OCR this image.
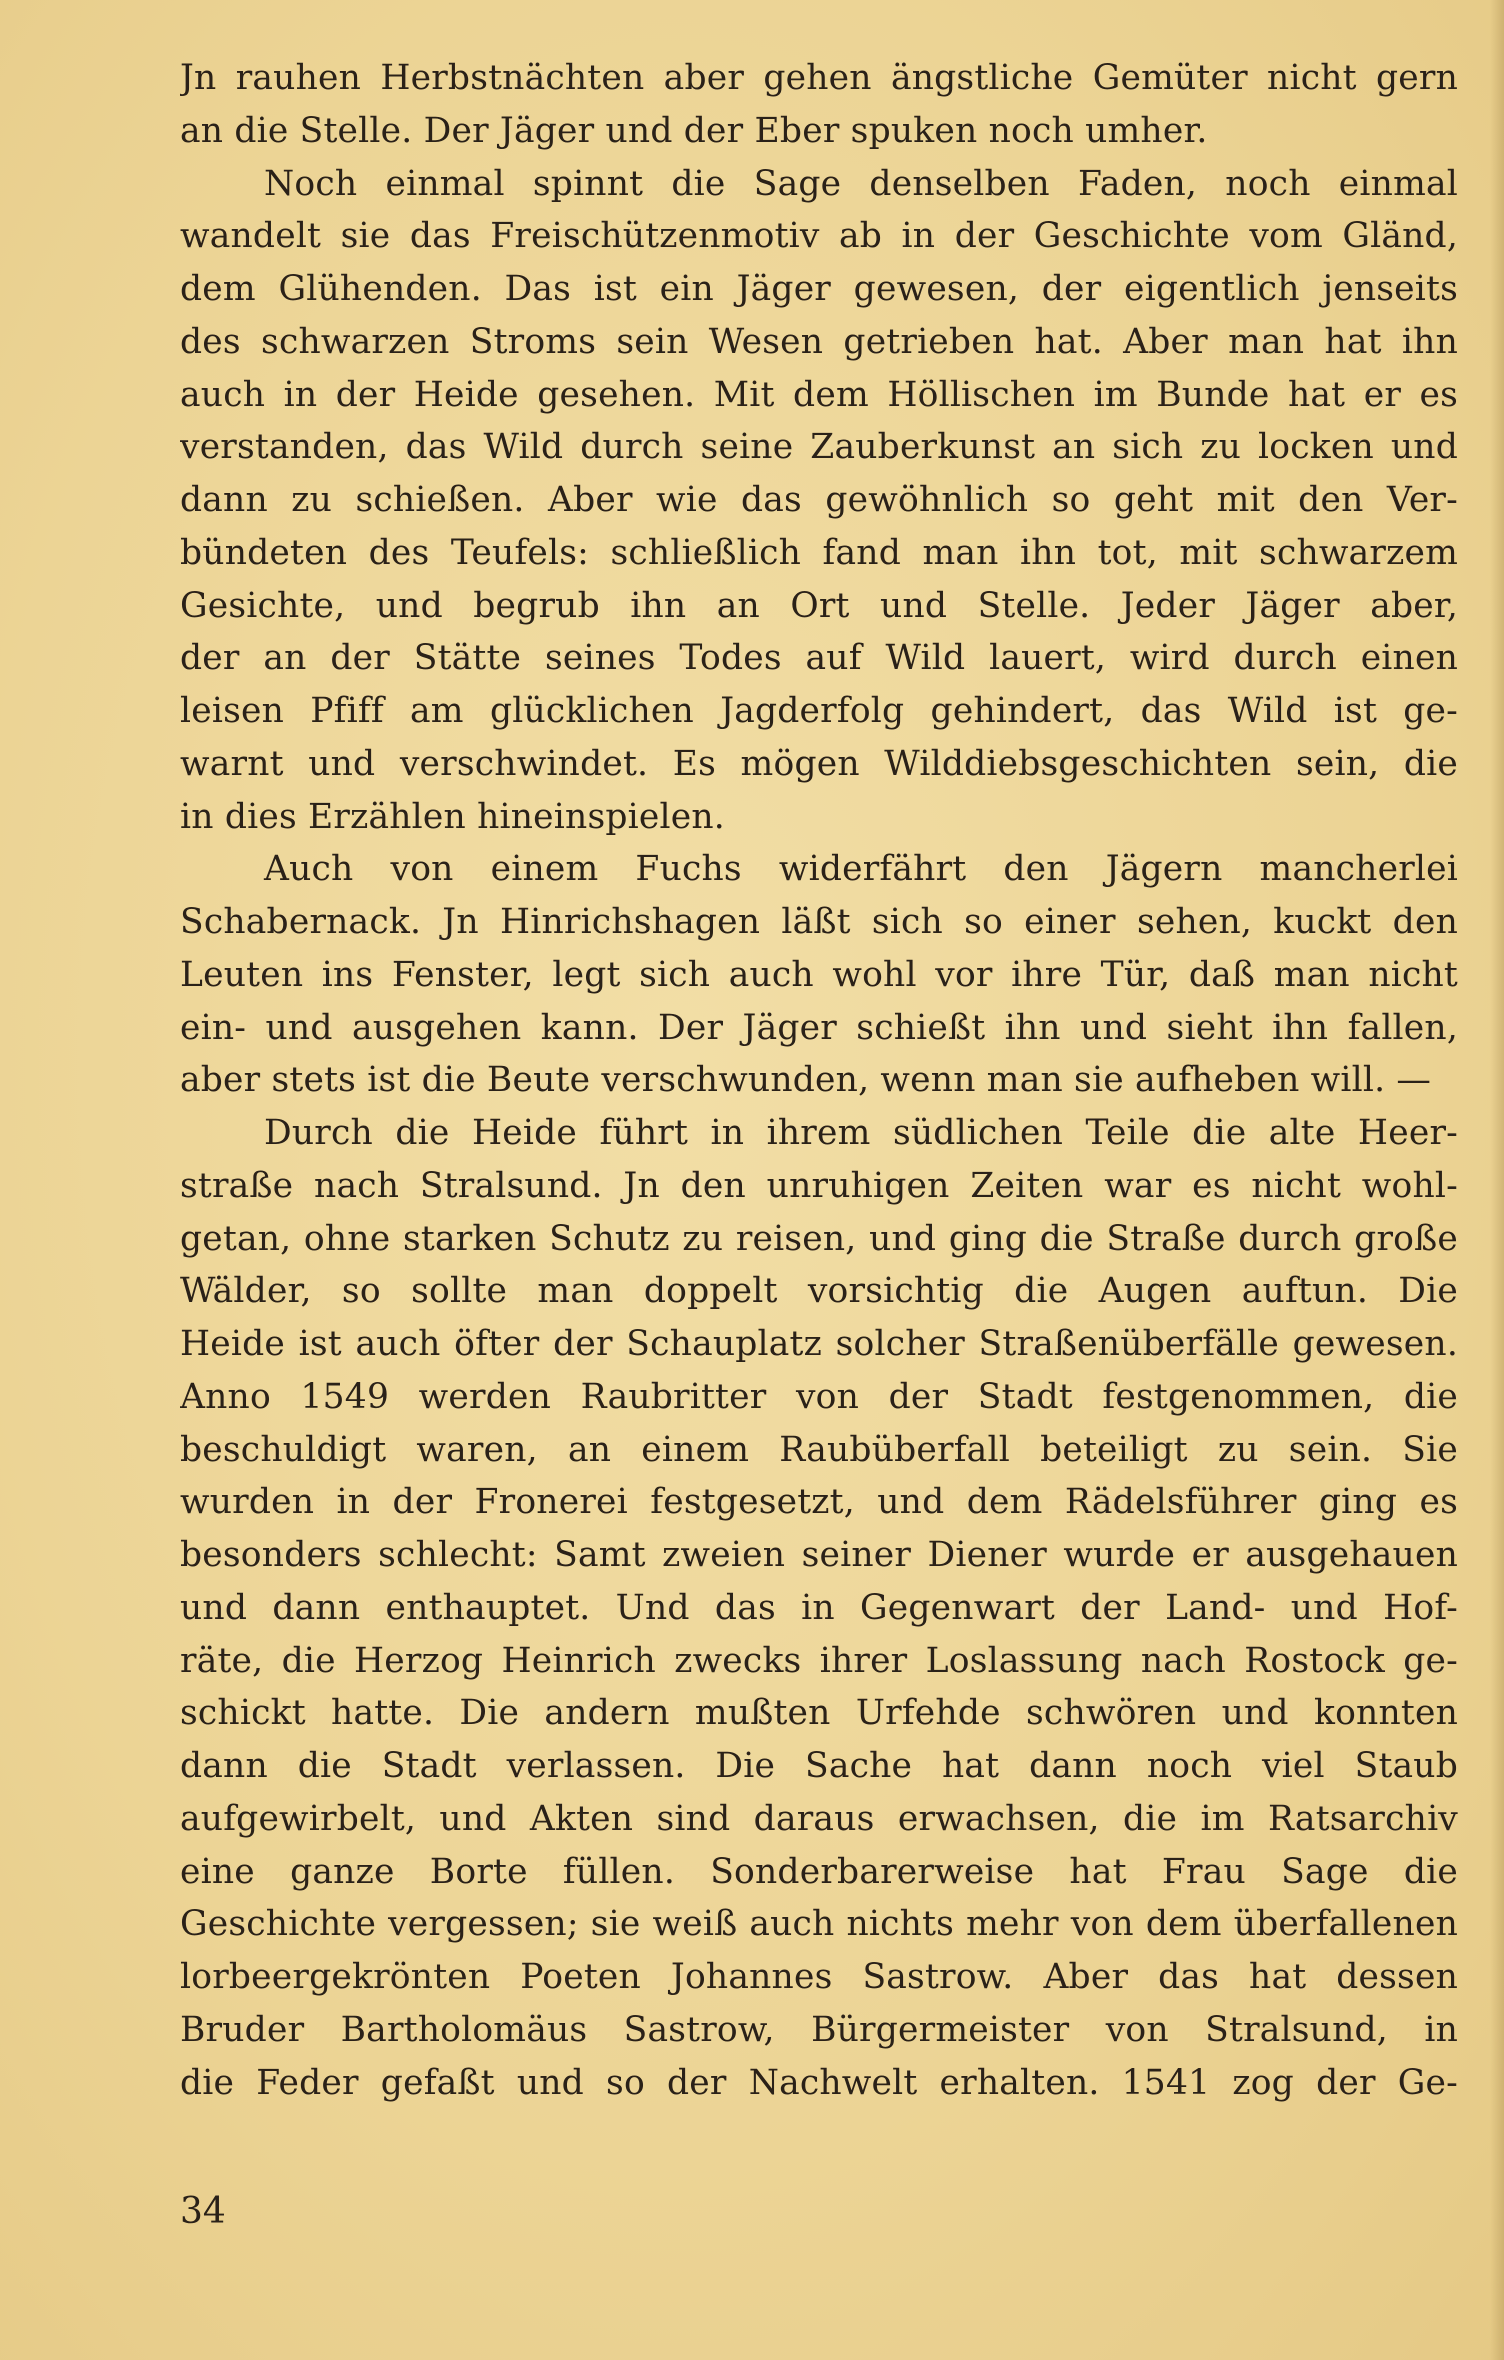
Jn rauhen Herbstnächten aber gehen ängstliche Gemüter nicht gern
an die Stelle. Der Jäger und der Eber spuken noch umher.
Noch einmal spinnt die Sage denselben Faden, noch einmal
wandelt sie das Freischützenmotiv ab in der Geschichte vom Gländ,
dem Glühenden. Das ist ein Jäger gewesen, der eigentlich jenseits
des schwarzen Stroms sein Wesen getrieben hat. Aber man hat ihn
auch in der Heide gesehen. Mit dem Höllischen im Bunde hat er es
verstanden, das Wild durch seine Zauberkunst an sich zu locken und
dann zu schießen. Aber wie das gewöhnlich so geht mit den Ver-
bündeten des Teufels: schließlich fand man ihn tot, mit schwarzem
Gesichte, und begrub ihn an Ort und Stelle. Jeder Jäger aber,
der an der Stätte seines Todes auf Wild lauert, wird durch einen
leisen Pfiff am glücklichen Jagderfolg gehindert, das Wild ist ge-
warnt und verschwindet. Es mögen Wilddiebsgeschichten sein, die
in dies Erzählen hineinspielen.
Auch von einem Fuchs widerfährt den Jägern mancherlei
Schabernack. Jn Hinrichshagen läßt sich so einer sehen, kuckt den
Leuten ins Fenster, legt sich auch wohl vor ihre Tür, daß man nicht
ein- und ausgehen kann. Der Jäger schießt ihn und sieht ihn fallen,
aber stets ist die Beute verschwunden, wenn man sie aufheben will. —
Durch die Heide führt in ihrem südlichen Teile die alte Heer-
straße nach Stralsund. Jn den unruhigen Zeiten war es nicht wohl-
getan, ohne starken Schutz zu reisen, und ging die Straße durch große
Wälder, so sollte man doppelt vorsichtig die Augen auftun. Die
Heide ist auch öfter der Schauplatz solcher Straßenüberfälle gewesen.
Anno 1549 werden Raubritter von der Stadt festgenommen, die
beschuldigt waren, an einem Raubüberfall beteiligt zu sein. Sie
wurden in der Fronerei festgesetzt, und dem Rädelsführer ging es
besonders schlecht: Samt zweien seiner Diener wurde er ausgehauen
und dann enthauptet. Und das in Gegenwart der Land- und Hof-
räte, die Herzog Heinrich zwecks ihrer Loslassung nach Rostock ge-
schickt hatte. Die andern mußten Urfehde schwören und konnten
dann die Stadt verlassen. Die Sache hat dann noch viel Staub
aufgewirbelt, und Akten sind daraus erwachsen, die im Ratsarchiv
eine ganze Borte füllen. Sonderbarerweise hat Frau Sage die
Geschichte vergessen; sie weiß auch nichts mehr von dem überfallenen
lorbeergekrönten Poeten Johannes Sastrow. Aber das hat dessen
Bruder Bartholomäus Sastrow, Bürgermeister von Stralsund, in
die Feder gefaßt und so der Nachwelt erhalten. 1541 zog der Ge-
34
